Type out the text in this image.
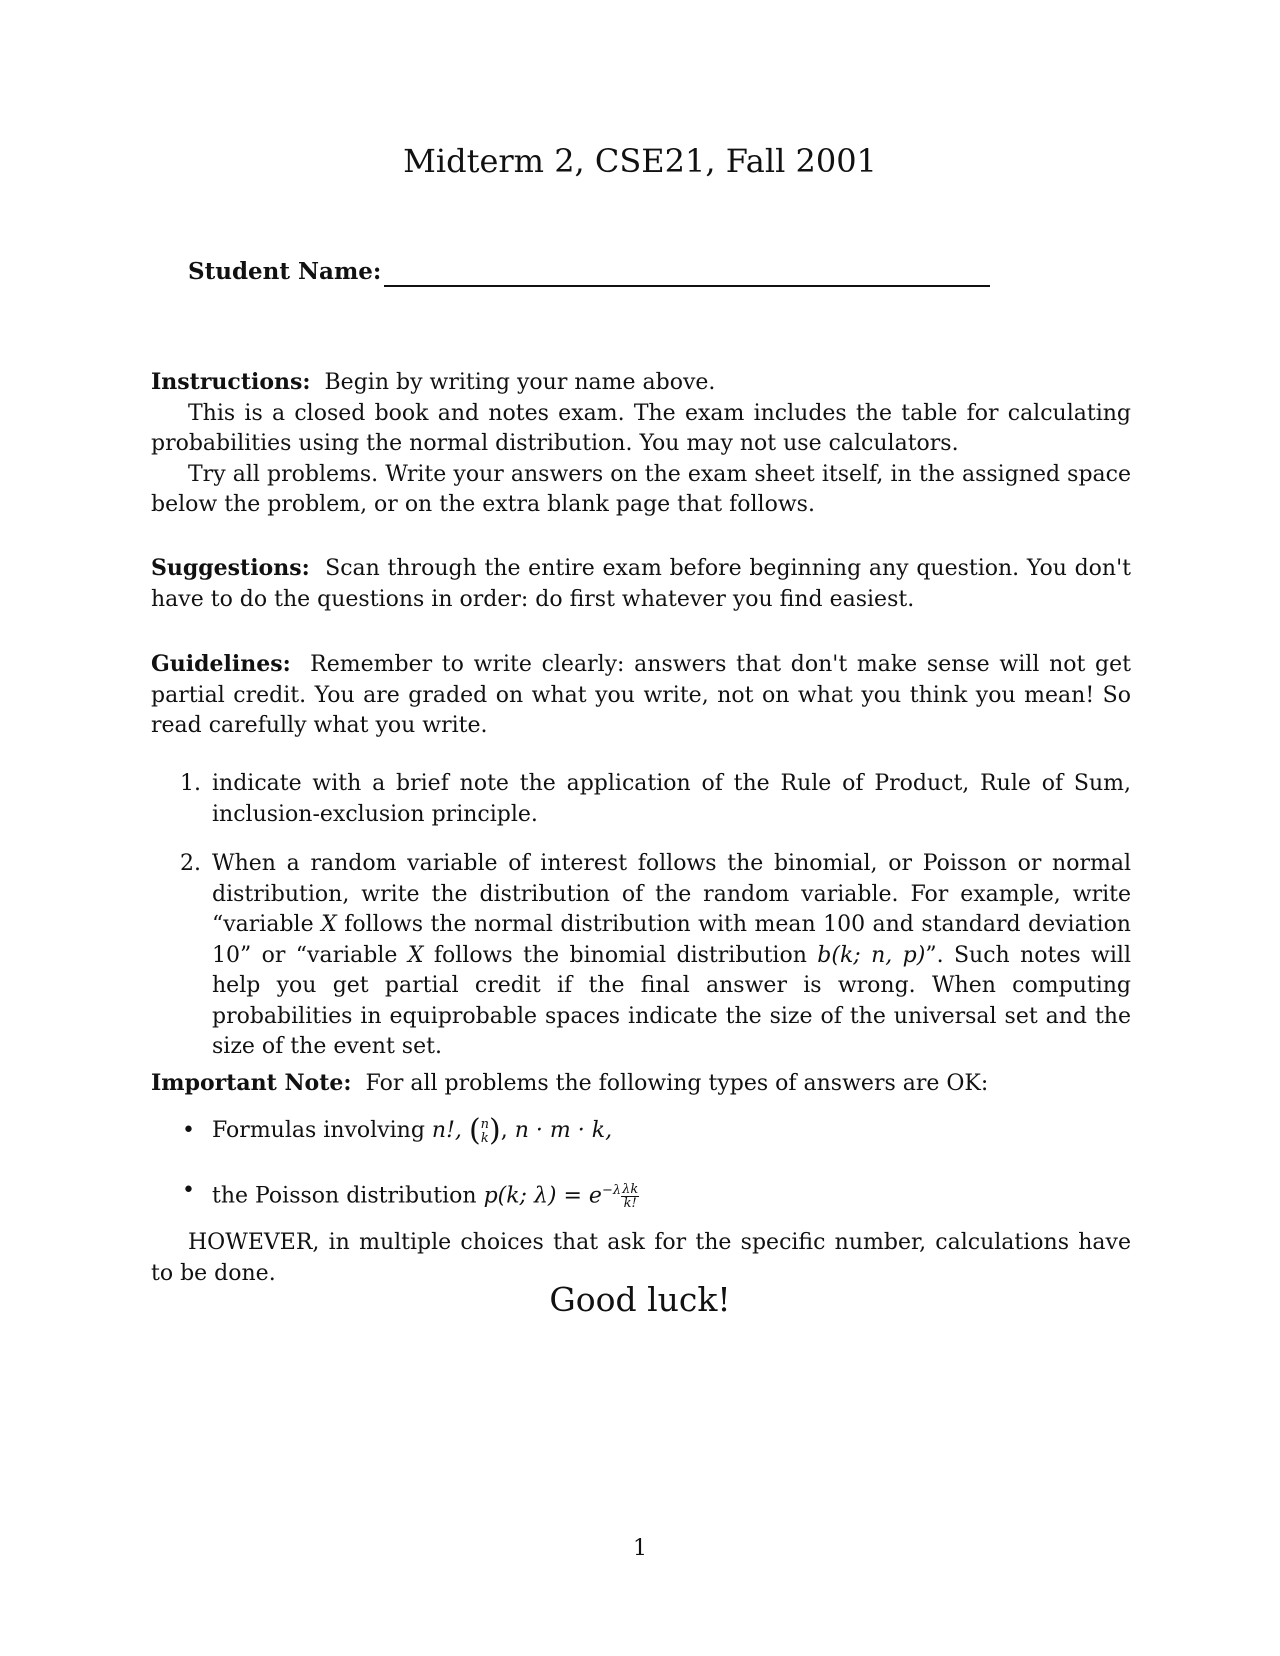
Midterm 2, CSE21, Fall 2001
Student Name:

Instructions: Begin by writing your name above.

This is a closed book and notes exam. The exam includes the table for calculating probabilities using the normal distribution. You may not use calculators.

Try all problems. Write your answers on the exam sheet itself, in the assigned space below the problem, or on the extra blank page that follows.

Suggestions: Scan through the entire exam before beginning any question. You don't have to do the questions in order: do first whatever you find easiest.

Guidelines: Remember to write clearly: answers that don't make sense will not get partial credit. You are graded on what you write, not on what you think you mean! So read carefully what you write.

1. indicate with a brief note the application of the Rule of Product, Rule of Sum, inclusion-exclusion principle.
2. When a random variable of interest follows the binomial, or Poisson or normal distribution, write the distribution of the random variable. For example, write “variable X follows the normal distribution with mean 100 and standard deviation 10” or “variable X follows the binomial distribution b(k; n, p)”. Such notes will help you get partial credit if the final answer is wrong. When computing probabilities in equiprobable spaces indicate the size of the universal set and the size of the event set.

Important Note: For all problems the following types of answers are OK:

• Formulas involving n!, (n
k), n · m · k,
• the Poisson distribution p(k; $\lambda) = e^{-\lambda} \frac{\lambda k}{k!}$

HOWEVER, in multiple choices that ask for the specific number, calculations have to be done.

Good luck!
1
